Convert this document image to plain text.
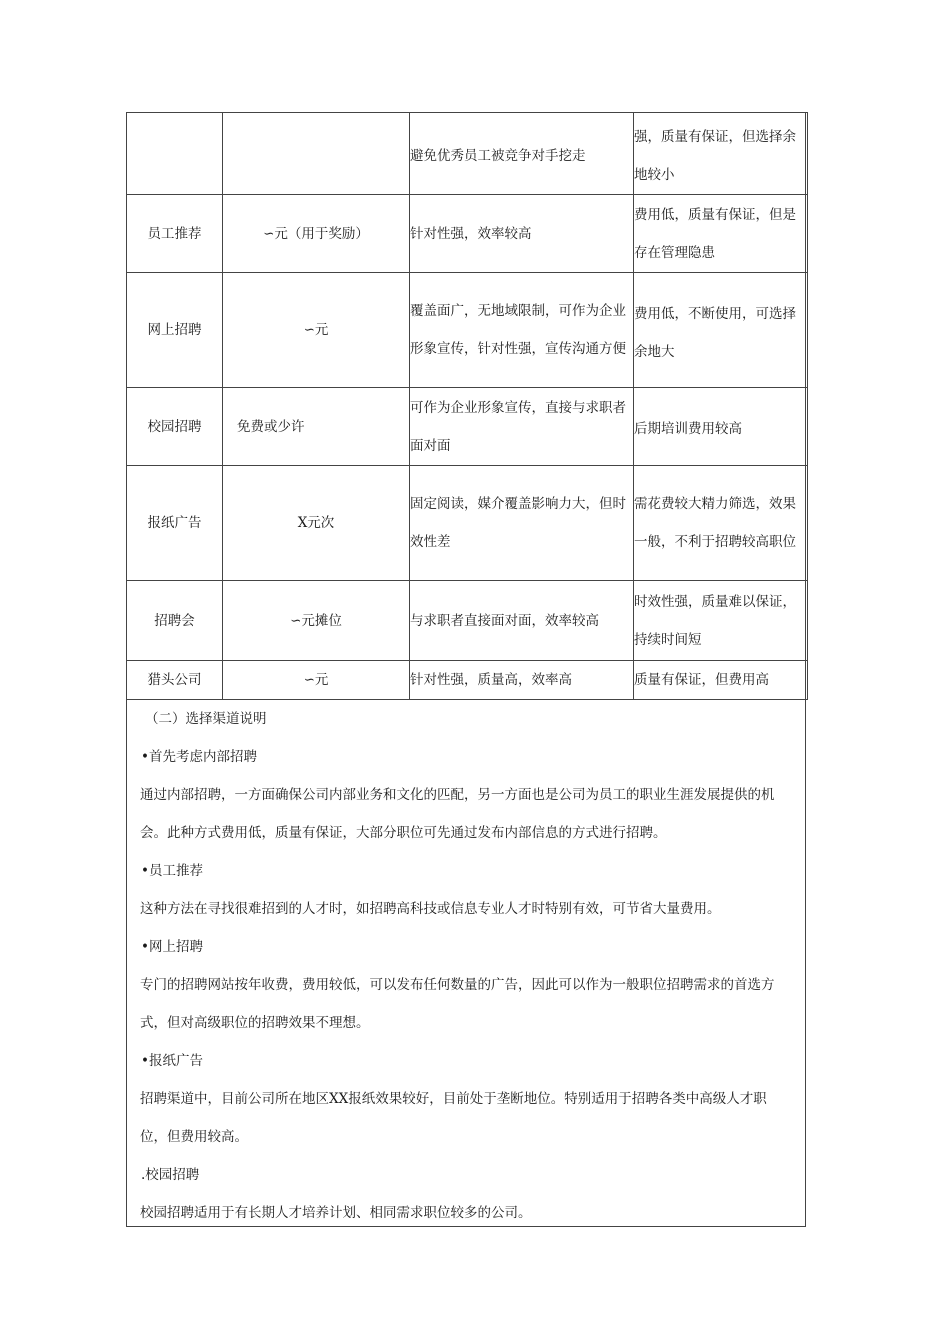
		避免优秀员工被竞争对手挖走	强，质量有保证，但选择余地较小

员工推荐	∽元（用于奖励）	针对性强，效率较高	费用低，质量有保证，但是存在管理隐患

网上招聘	∽元	覆盖面广，无地域限制，可作为企业形象宣传，针对性强，宣传沟通方便	费用低，不断使用，可选择余地大

校园招聘	免费或少许	可作为企业形象宣传，直接与求职者面对面	后期培训费用较高

报纸广告	X元次	固定阅读，媒介覆盖影响力大，但时效性差	需花费较大精力筛选，效果一般，不利于招聘较高职位

招聘会	∽元摊位	与求职者直接面对面，效率较高	时效性强，质量难以保证，持续时间短

猎头公司	∽元	针对性强，质量高，效率高	质量有保证，但费用高
（二）选择渠道说明
•首先考虑内部招聘
通过内部招聘，一方面确保公司内部业务和文化的匹配，另一方面也是公司为员工的职业生涯发展提供的机
会。此种方式费用低，质量有保证，大部分职位可先通过发布内部信息的方式进行招聘。
•员工推荐
这种方法在寻找很难招到的人才时，如招聘高科技或信息专业人才时特别有效，可节省大量费用。
•网上招聘
专门的招聘网站按年收费，费用较低，可以发布任何数量的广告，因此可以作为一般职位招聘需求的首选方
式，但对高级职位的招聘效果不理想。
•报纸广告
招聘渠道中，目前公司所在地区XX报纸效果较好，目前处于垄断地位。特别适用于招聘各类中高级人才职
位，但费用较高。
.校园招聘
校园招聘适用于有长期人才培养计划、相同需求职位较多的公司。
